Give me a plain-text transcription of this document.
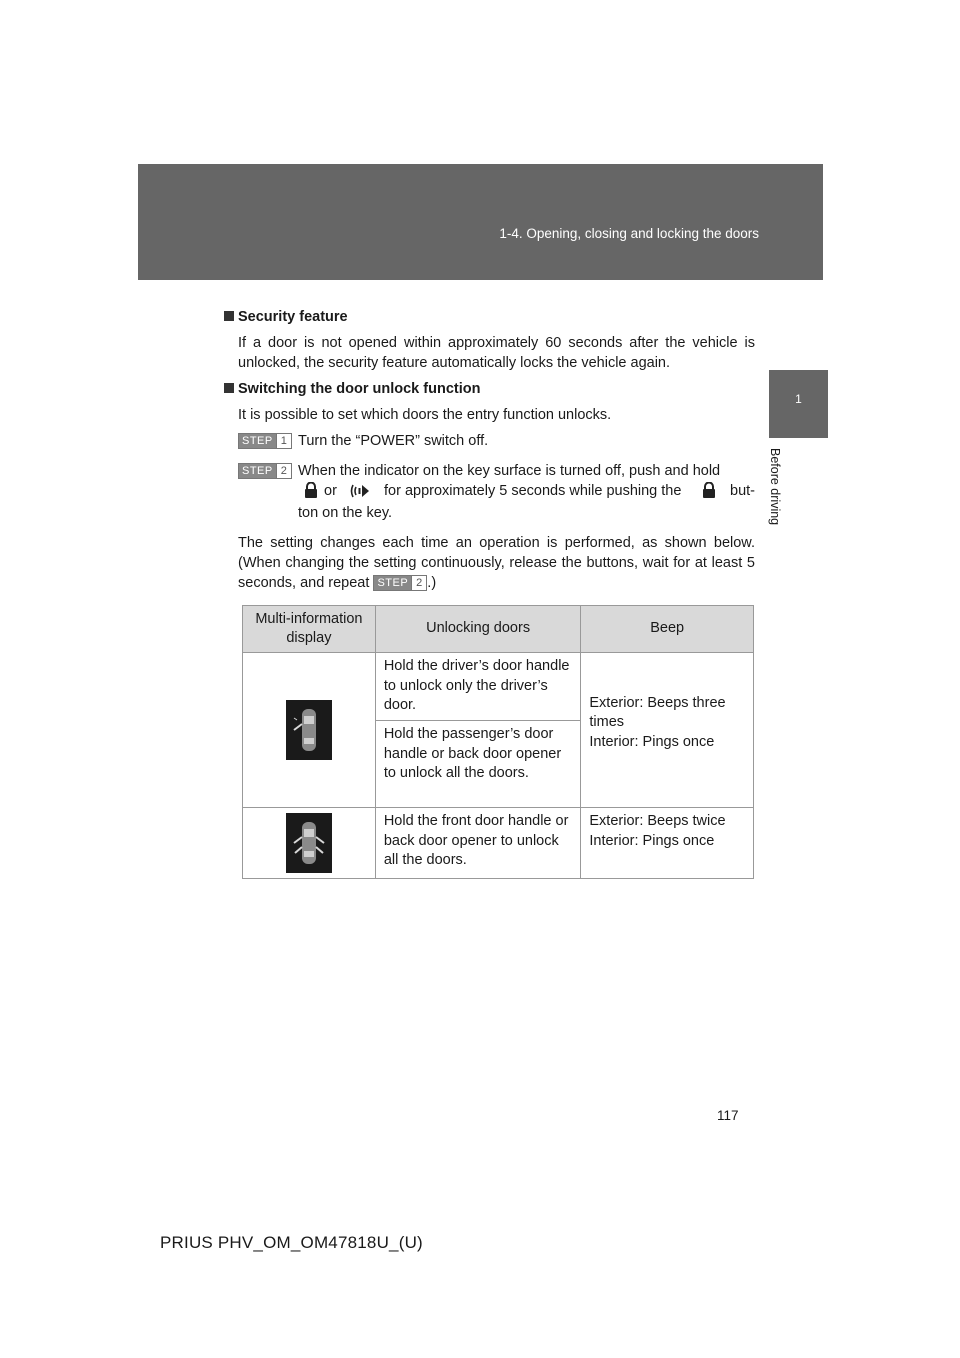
1-4. Opening, closing and locking the doors
1
Before driving
Security feature
If a door is not opened within approximately 60 seconds after the vehicle is unlocked, the security feature automatically locks the vehicle again.
Switching the door unlock function
It is possible to set which doors the entry function unlocks.
STEP 1 Turn the “POWER” switch off.
STEP 2 When the indicator on the key surface is turned off, push and hold
or	for approximately 5 seconds while pushing the	but-
ton on the key.
The setting changes each time an operation is performed, as shown below. (When changing the setting continuously, release the buttons, wait for at least 5 seconds, and repeat STEP 2 .)
Multi-information display	Unlocking doors	Beep
	Hold the driver’s door handle to unlock only the driver’s door.	Exterior: Beeps three times
Interior: Pings once

	Hold the passenger’s door handle or back door opener to unlock all the doors.	
	Hold the front door handle or back door opener to unlock all the doors.	Exterior: Beeps twice
Interior: Pings once
117
PRIUS PHV_OM_OM47818U_(U)
